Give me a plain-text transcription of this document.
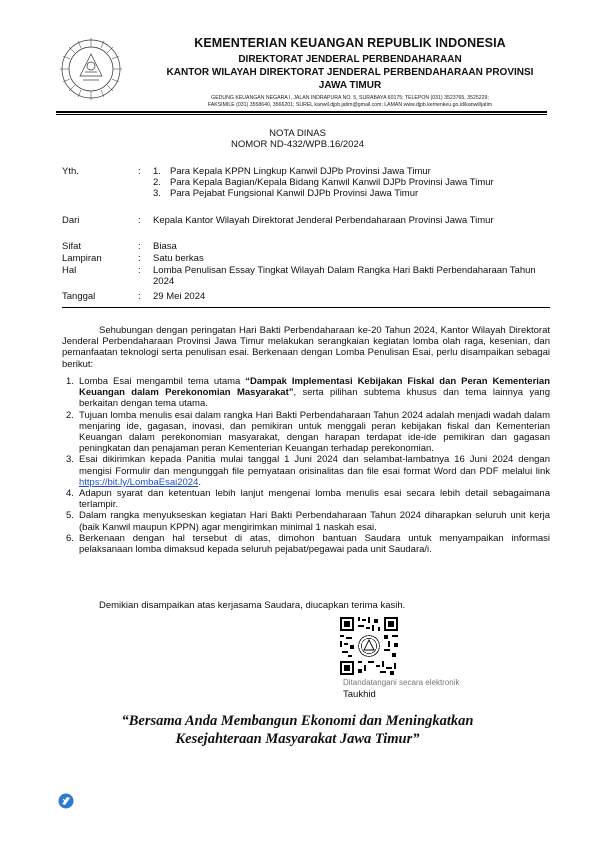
KEMENTERIAN KEUANGAN REPUBLIK INDONESIA
DIREKTORAT JENDERAL PERBENDAHARAAN
KANTOR WILAYAH DIREKTORAT JENDERAL PERBENDAHARAAN PROVINSI
JAWA TIMUR
GEDUNG KEUANGAN NEGARA I, JALAN INDRAPURA NO. 5, SURABAYA 60175; TELEPON (031) 3523765, 3525229;
FAKSIMILE (031) 3558640, 3566201; SUREL kanwil.djpb.jatim@gmail.com; LAMAN www.djpb.kemenkeu.go.id/kanwil/jatim
NOTA DINAS
NOMOR ND-432/WPB.16/2024
Yth.	: 1. Para Kepala KPPN Lingkup Kanwil DJPb Provinsi Jawa Timur
2. Para Kepala Bagian/Kepala Bidang Kanwil Kanwil DJPb Provinsi Jawa Timur
3. Para Pejabat Fungsional Kanwil DJPb Provinsi Jawa Timur
Dari	: Kepala Kantor Wilayah Direktorat Jenderal Perbendaharaan Provinsi Jawa Timur
Sifat	: Biasa
Lampiran	: Satu berkas
Hal	: Lomba Penulisan Essay Tingkat Wilayah Dalam Rangka Hari Bakti Perbendaharaan Tahun 2024
Tanggal	: 29 Mei 2024
Sehubungan dengan peringatan Hari Bakti Perbendaharaan ke-20 Tahun 2024, Kantor Wilayah Direktorat Jenderal Perbendaharaan Provinsi Jawa Timur melakukan serangkaian kegiatan lomba olah raga, kesenian, dan pemanfaatan teknologi serta penulisan esai. Berkenaan dengan Lomba Penulisan Esai, perlu disampaikan sebagai berikut:

1. Lomba Esai mengambil tema utama “Dampak Implementasi Kebijakan Fiskal dan Peran Kementerian Keuangan dalam Perekonomian Masyarakat”, serta pilihan subtema khusus dan tema lainnya yang berkaitan dengan tema utama.

2. Tujuan lomba menulis esai dalam rangka Hari Bakti Perbendaharaan Tahun 2024 adalah menjadi wadah dalam menjaring ide, gagasan, inovasi, dan pemikiran untuk menggali peran kebijakan fiskal dan Kementerian Keuangan dalam perekonomian masyarakat, dengan harapan terdapat ide-ide pemikiran dan gagasan peningkatan dan penajaman peran Kementerian Keuangan terhadap perekonomian.

3. Esai dikirimkan kepada Panitia mulai tanggal 1 Juni 2024 dan selambat-lambatnya 16 Juni 2024 dengan mengisi Formulir dan mengunggah file pernyataan orisinalitas dan file esai format Word dan PDF melalui link https://bit.ly/LombaEsai2024.

4. Adapun syarat dan ketentuan lebih lanjut mengenai lomba menulis esai secara lebih detail sebagaimana terlampir.

5. Dalam rangka menyukseskan kegiatan Hari Bakti Perbendaharaan Tahun 2024 diharapkan seluruh unit kerja (baik Kanwil maupun KPPN) agar mengirimkan minimal 1 naskah esai.

6. Berkenaan dengan hal tersebut di atas, dimohon bantuan Saudara untuk menyampaikan informasi pelaksanaan lomba dimaksud kepada seluruh pejabat/pegawai pada unit Saudara/i.

Demikian disampaikan atas kerjasama Saudara, diucapkan terima kasih.
Ditandatangani secara elektronik
Taukhid
“Bersama Anda Membangun Ekonomi dan Meningkatkan
Kesejahteraan Masyarakat Jawa Timur”
